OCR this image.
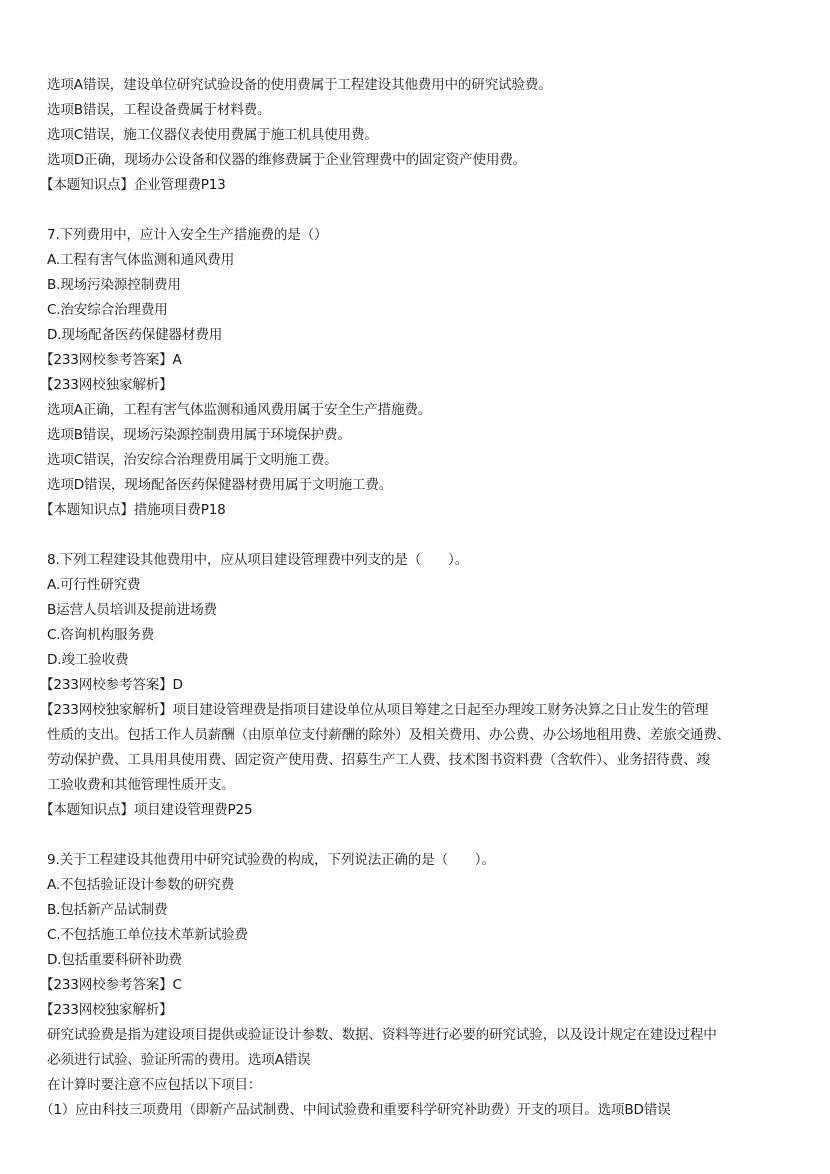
选项A错误，建设单位研究试验设备的使用费属于工程建设其他费用中的研究试验费。
选项B错误，工程设备费属于材料费。
选项C错误，施工仪器仪表使用费属于施工机具使用费。
选项D正确，现场办公设备和仪器的维修费属于企业管理费中的固定资产使用费。
【本题知识点】企业管理费P13
7.下列费用中，应计入安全生产措施费的是（）
A.工程有害气体监测和通风费用
B.现场污染源控制费用
C.治安综合治理费用
D.现场配备医药保健器材费用
【233网校参考答案】A
【233网校独家解析】
选项A正确，工程有害气体监测和通风费用属于安全生产措施费。
选项B错误，现场污染源控制费用属于环境保护费。
选项C错误，治安综合治理费用属于文明施工费。
选项D错误，现场配备医药保健器材费用属于文明施工费。
【本题知识点】措施项目费P18
8.下列工程建设其他费用中，应从项目建设管理费中列支的是（　　）。
A.可行性研究费
B运营人员培训及提前进场费
C.咨询机构服务费
D.竣工验收费
【233网校参考答案】D
【233网校独家解析】项目建设管理费是指项目建设单位从项目筹建之日起至办理竣工财务决算之日止发生的管理
性质的支出。包括工作人员薪酬（由原单位支付薪酬的除外）及相关费用、办公费、办公场地租用费、差旅交通费、
劳动保护费、工具用具使用费、固定资产使用费、招募生产工人费、技术图书资料费（含软件）、业务招待费、竣
工验收费和其他管理性质开支。
【本题知识点】项目建设管理费P25
9.关于工程建设其他费用中研究试验费的构成，下列说法正确的是（　　）。
A.不包括验证设计参数的研究费
B.包括新产品试制费
C.不包括施工单位技术革新试验费
D.包括重要科研补助费
【233网校参考答案】C
【233网校独家解析】
研究试验费是指为建设项目提供或验证设计参数、数据、资料等进行必要的研究试验，以及设计规定在建设过程中
必须进行试验、验证所需的费用。选项A错误
在计算时要注意不应包括以下项目：
（1）应由科技三项费用（即新产品试制费、中间试验费和重要科学研究补助费）开支的项目。选项BD错误
